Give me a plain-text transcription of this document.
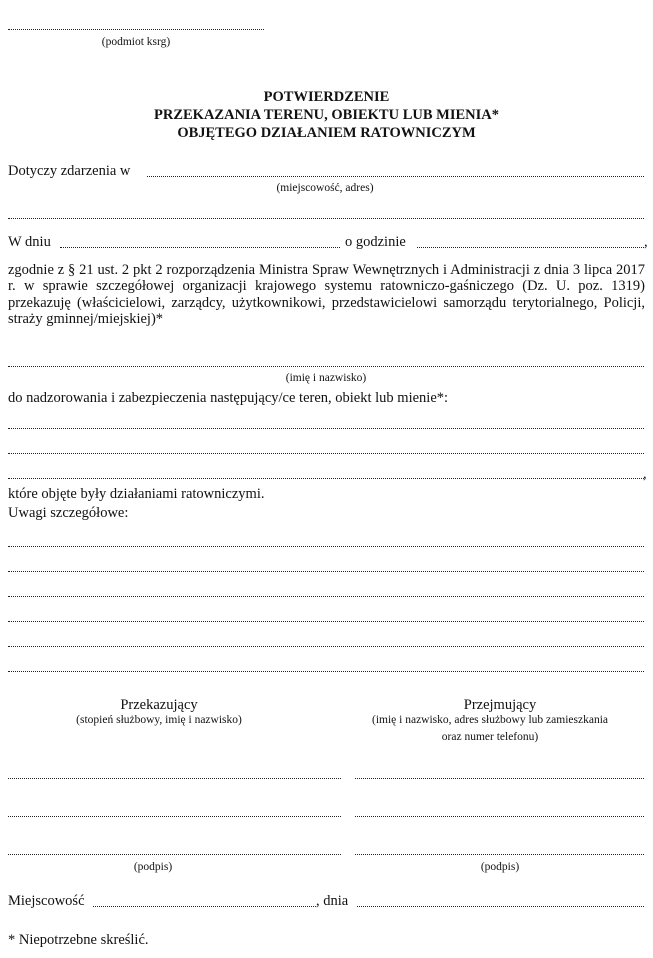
(podmiot ksrg)
POTWIERDZENIE
PRZEKAZANIA TERENU, OBIEKTU LUB MIENIA*
OBJĘTEGO DZIAŁANIEM RATOWNICZYM
Dotyczy zdarzenia w
(miejscowość, adres)
W dniu	o godzinie	,
zgodnie z § 21 ust. 2 pkt 2 rozporządzenia Ministra Spraw Wewnętrznych i Administracji z dnia 3 lipca 2017 r. w sprawie szczegółowej organizacji krajowego systemu ratowniczo-gaśniczego (Dz. U. poz. 1319) przekazuję (właścicielowi, zarządcy, użytkownikowi, przedstawicielowi samorządu terytorialnego, Policji, straży gminnej/miejskiej)*
(imię i nazwisko)
do nadzorowania i zabezpieczenia następujący/ce teren, obiekt lub mienie*:
,
które objęte były działaniami ratowniczymi.
Uwagi szczegółowe:
Przekazujący
(stopień służbowy, imię i nazwisko)
(podpis)
Przejmujący
(imię i nazwisko, adres służbowy lub zamieszkania
oraz numer telefonu)
(podpis)
Miejscowość	, dnia
* Niepotrzebne skreślić.
